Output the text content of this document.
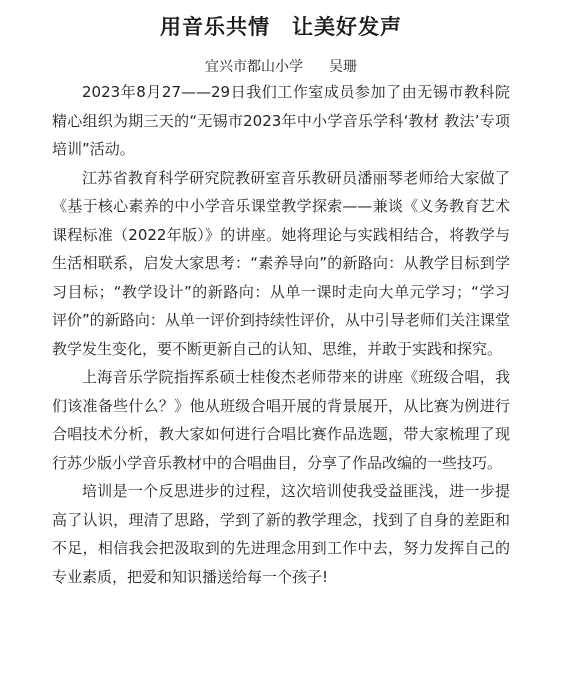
用音乐共情　让美好发声
宜兴市都山小学 吴珊

2023年8月27——29日我们工作室成员参加了由无锡市教科院精心组织为期三天的“无锡市2023年中小学音乐学科‘教材 教法’专项培训”活动。

江苏省教育科学研究院教研室音乐教研员潘丽琴老师给大家做了《基于核心素养的中小学音乐课堂教学探索——兼谈《义务教育艺术课程标准（2022年版）》的讲座。她将理论与实践相结合，将教学与生活相联系，启发大家思考：“素养导向”的新路向：从教学目标到学习目标；“教学设计”的新路向：从单一课时走向大单元学习；“学习评价”的新路向：从单一评价到持续性评价，从中引导老师们关注课堂教学发生变化，要不断更新自己的认知、思维，并敢于实践和探究。

上海音乐学院指挥系硕士桂俊杰老师带来的讲座《班级合唱，我们该准备些什么？》他从班级合唱开展的背景展开，从比赛为例进行合唱技术分析，教大家如何进行合唱比赛作品选题，带大家梳理了现行苏少版小学音乐教材中的合唱曲目，分享了作品改编的一些技巧。

培训是一个反思进步的过程，这次培训使我受益匪浅，进一步提高了认识，理清了思路，学到了新的教学理念，找到了自身的差距和不足，相信我会把汲取到的先进理念用到工作中去，努力发挥自己的专业素质，把爱和知识播送给每一个孩子!
